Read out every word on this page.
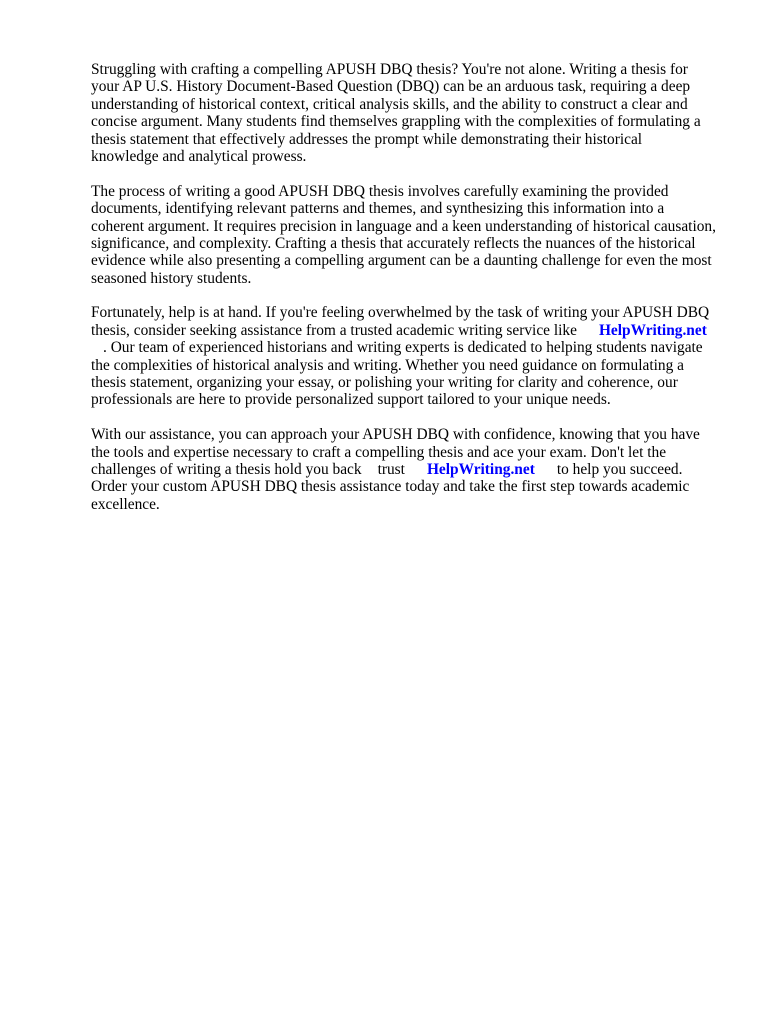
Struggling with crafting a compelling APUSH DBQ thesis? You're not alone. Writing a thesis for
your AP U.S. History Document-Based Question (DBQ) can be an arduous task, requiring a deep
understanding of historical context, critical analysis skills, and the ability to construct a clear and
concise argument. Many students find themselves grappling with the complexities of formulating a
thesis statement that effectively addresses the prompt while demonstrating their historical
knowledge and analytical prowess.

The process of writing a good APUSH DBQ thesis involves carefully examining the provided
documents, identifying relevant patterns and themes, and synthesizing this information into a
coherent argument. It requires precision in language and a keen understanding of historical causation,
significance, and complexity. Crafting a thesis that accurately reflects the nuances of the historical
evidence while also presenting a compelling argument can be a daunting challenge for even the most
seasoned history students.

Fortunately, help is at hand. If you're feeling overwhelmed by the task of writing your APUSH DBQ
thesis, consider seeking assistance from a trusted academic writing service like HelpWriting.net
. Our team of experienced historians and writing experts is dedicated to helping students navigate
the complexities of historical analysis and writing. Whether you need guidance on formulating a
thesis statement, organizing your essay, or polishing your writing for clarity and coherence, our
professionals are here to provide personalized support tailored to your unique needs.

With our assistance, you can approach your APUSH DBQ with confidence, knowing that you have
the tools and expertise necessary to craft a compelling thesis and ace your exam. Don't let the
challenges of writing a thesis hold you back trust HelpWriting.net to help you succeed.
Order your custom APUSH DBQ thesis assistance today and take the first step towards academic
excellence.
